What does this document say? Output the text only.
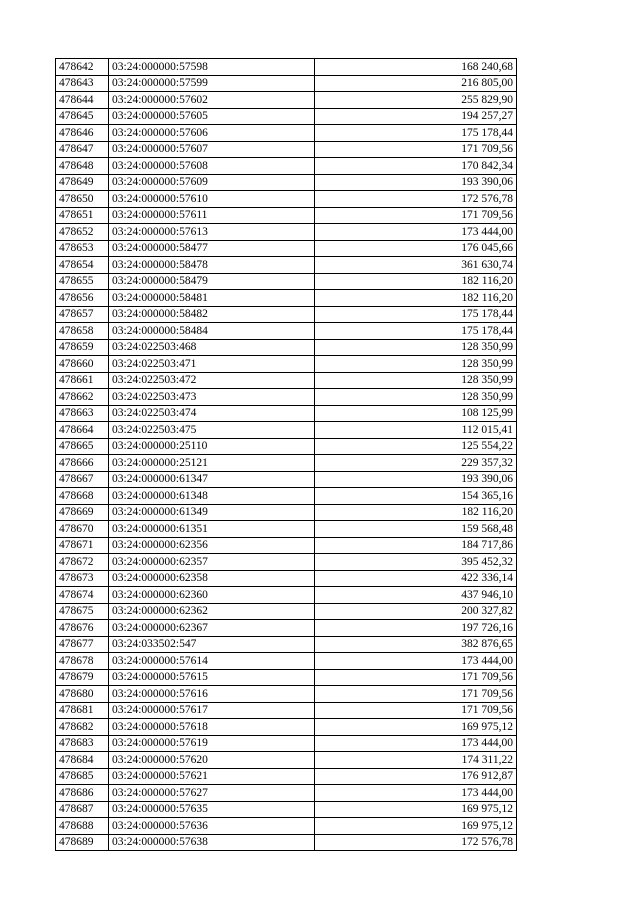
478642	03:24:000000:57598	168 240,68
478643	03:24:000000:57599	216 805,00
478644	03:24:000000:57602	255 829,90
478645	03:24:000000:57605	194 257,27
478646	03:24:000000:57606	175 178,44
478647	03:24:000000:57607	171 709,56
478648	03:24:000000:57608	170 842,34
478649	03:24:000000:57609	193 390,06
478650	03:24:000000:57610	172 576,78
478651	03:24:000000:57611	171 709,56
478652	03:24:000000:57613	173 444,00
478653	03:24:000000:58477	176 045,66
478654	03:24:000000:58478	361 630,74
478655	03:24:000000:58479	182 116,20
478656	03:24:000000:58481	182 116,20
478657	03:24:000000:58482	175 178,44
478658	03:24:000000:58484	175 178,44
478659	03:24:022503:468	128 350,99
478660	03:24:022503:471	128 350,99
478661	03:24:022503:472	128 350,99
478662	03:24:022503:473	128 350,99
478663	03:24:022503:474	108 125,99
478664	03:24:022503:475	112 015,41
478665	03:24:000000:25110	125 554,22
478666	03:24:000000:25121	229 357,32
478667	03:24:000000:61347	193 390,06
478668	03:24:000000:61348	154 365,16
478669	03:24:000000:61349	182 116,20
478670	03:24:000000:61351	159 568,48
478671	03:24:000000:62356	184 717,86
478672	03:24:000000:62357	395 452,32
478673	03:24:000000:62358	422 336,14
478674	03:24:000000:62360	437 946,10
478675	03:24:000000:62362	200 327,82
478676	03:24:000000:62367	197 726,16
478677	03:24:033502:547	382 876,65
478678	03:24:000000:57614	173 444,00
478679	03:24:000000:57615	171 709,56
478680	03:24:000000:57616	171 709,56
478681	03:24:000000:57617	171 709,56
478682	03:24:000000:57618	169 975,12
478683	03:24:000000:57619	173 444,00
478684	03:24:000000:57620	174 311,22
478685	03:24:000000:57621	176 912,87
478686	03:24:000000:57627	173 444,00
478687	03:24:000000:57635	169 975,12
478688	03:24:000000:57636	169 975,12
478689	03:24:000000:57638	172 576,78
